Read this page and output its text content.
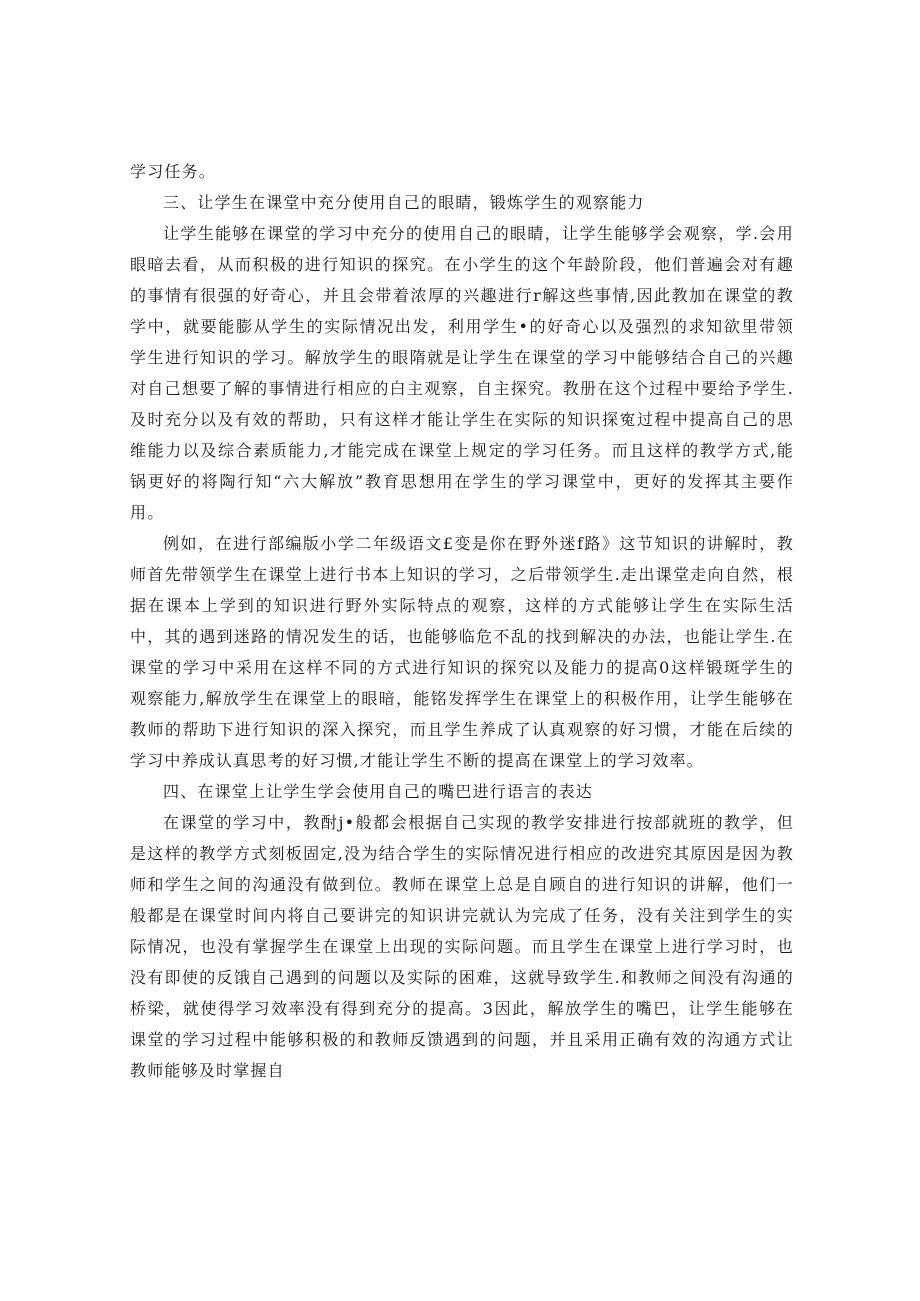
学习任务。

三、让学生在课堂中充分使用自己的眼睛，锻炼学生的观察能力

让学生能够在课堂的学习中充分的使用自己的眼睛，让学生能够学会观察，学.会用眼暗去看，从而积极的进行知识的探究。在小学生的这个年龄阶段，他们普遍会对有趣的事情有很强的好奇心，并且会带着浓厚的兴趣进行r解这些事情,因此教加在课堂的教学中，就要能膨从学生的实际情况出发，利用学生•的好奇心以及强烈的求知欲里带领学生进行知识的学习。解放学生的眼隋就是让学生在课堂的学习中能够结合自己的兴趣对自己想要了解的事情进行相应的白主观察，自主探究。教册在这个过程中要给予学生.及时充分以及有效的帮助，只有这样才能让学生在实际的知识探寃过程中提高自己的思维能力以及综合素质能力,才能完成在课堂上规定的学习任务。而且这样的教学方式,能锅更好的将陶行知“六大解放”教育思想用在学生的学习课堂中，更好的发挥其主要作用。

例如，在进行部编版小学二年级语文£变是你在野外迷f路》这节知识的讲解时，教师首先带领学生在课堂上进行书本上知识的学习，之后带领学生.走出课堂走向自然，根据在课本上学到的知识进行野外实际特点的观察，这样的方式能够让学生在实际生活中，其的遇到迷路的情况发生的话，也能够临危不乱的找到解决的办法，也能让学生.在课堂的学习中采用在这样不同的方式进行知识的探究以及能力的提高0这样锻斑学生的观察能力,解放学生在课堂上的眼暗，能铭发挥学生在课堂上的积极作用，让学生能够在教师的帮助下进行知识的深入探究，而且学生养成了认真观察的好习惯，才能在后续的学习中养成认真思考的好习惯,才能让学生不断的提高在课堂上的学习效率。

四、在课堂上让学生学会使用自己的嘴巴进行语言的表达

在课堂的学习中，教酎j•般都会根据自己实现的教学安排进行按部就班的教学，但是这样的教学方式刻板固定,没为结合学生的实际情况进行相应的改进究其原因是因为教师和学生之间的沟通没有做到位。教师在课堂上总是自顾自的进行知识的讲解，他们一般都是在课堂时间内将自己要讲完的知识讲完就认为完成了任务，没有关注到学生的实际情况，也没有掌握学生在课堂上出现的实际问题。而且学生在课堂上进行学习时，也没有即使的反饿自己遇到的问题以及实际的困难，这就导致学生.和教师之间没有沟通的桥梁，就使得学习效率没有得到充分的提高。3因此，解放学生的嘴巴，让学生能够在课堂的学习过程中能够积极的和教师反馈遇到的问题，并且采用正确有效的沟通方式让教师能够及时掌握自
